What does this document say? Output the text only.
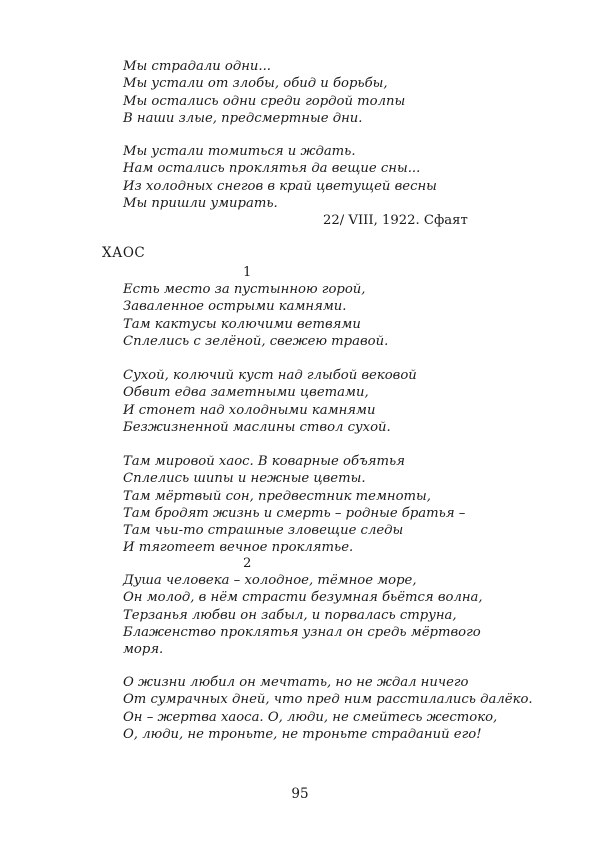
Мы страдали одни...
Мы устали от злобы, обид и борьбы,
Мы остались одни среди гордой толпы
В наши злые, предсмертные дни.
Мы устали томиться и ждать.
Нам остались проклятья да вещие сны...
Из холодных снегов в край цветущей весны
Мы пришли умирать.
22/ VIII, 1922. Сфаят
ХАОС
1
Есть место за пустынною горой,
Заваленное острыми камнями.
Там кактусы колючими ветвями
Сплелись с зелёной, свежею травой.
Сухой, колючий куст над глыбой вековой
Обвит едва заметными цветами,
И стонет над холодными камнями
Безжизненной маслины ствол сухой.
Там мировой хаос. В коварные объятья
Сплелись шипы и нежные цветы.
Там мёртвый сон, предвестник темноты,
Там бродят жизнь и смерть – родные братья –
Там чьи-то страшные зловещие следы
И тяготеет вечное проклятье.
2
Душа человека – холодное, тёмное море,
Он молод, в нём страсти безумная бьётся волна,
Терзанья любви он забыл, и порвалась струна,
Блаженство проклятья узнал он средь мёртвого
моря.
О жизни любил он мечтать, но не ждал ничего
От сумрачных дней, что пред ним расстилались далёко.
Он – жертва хаоса. О, люди, не смейтесь жестоко,
О, люди, не троньте, не троньте страданий его!
95
